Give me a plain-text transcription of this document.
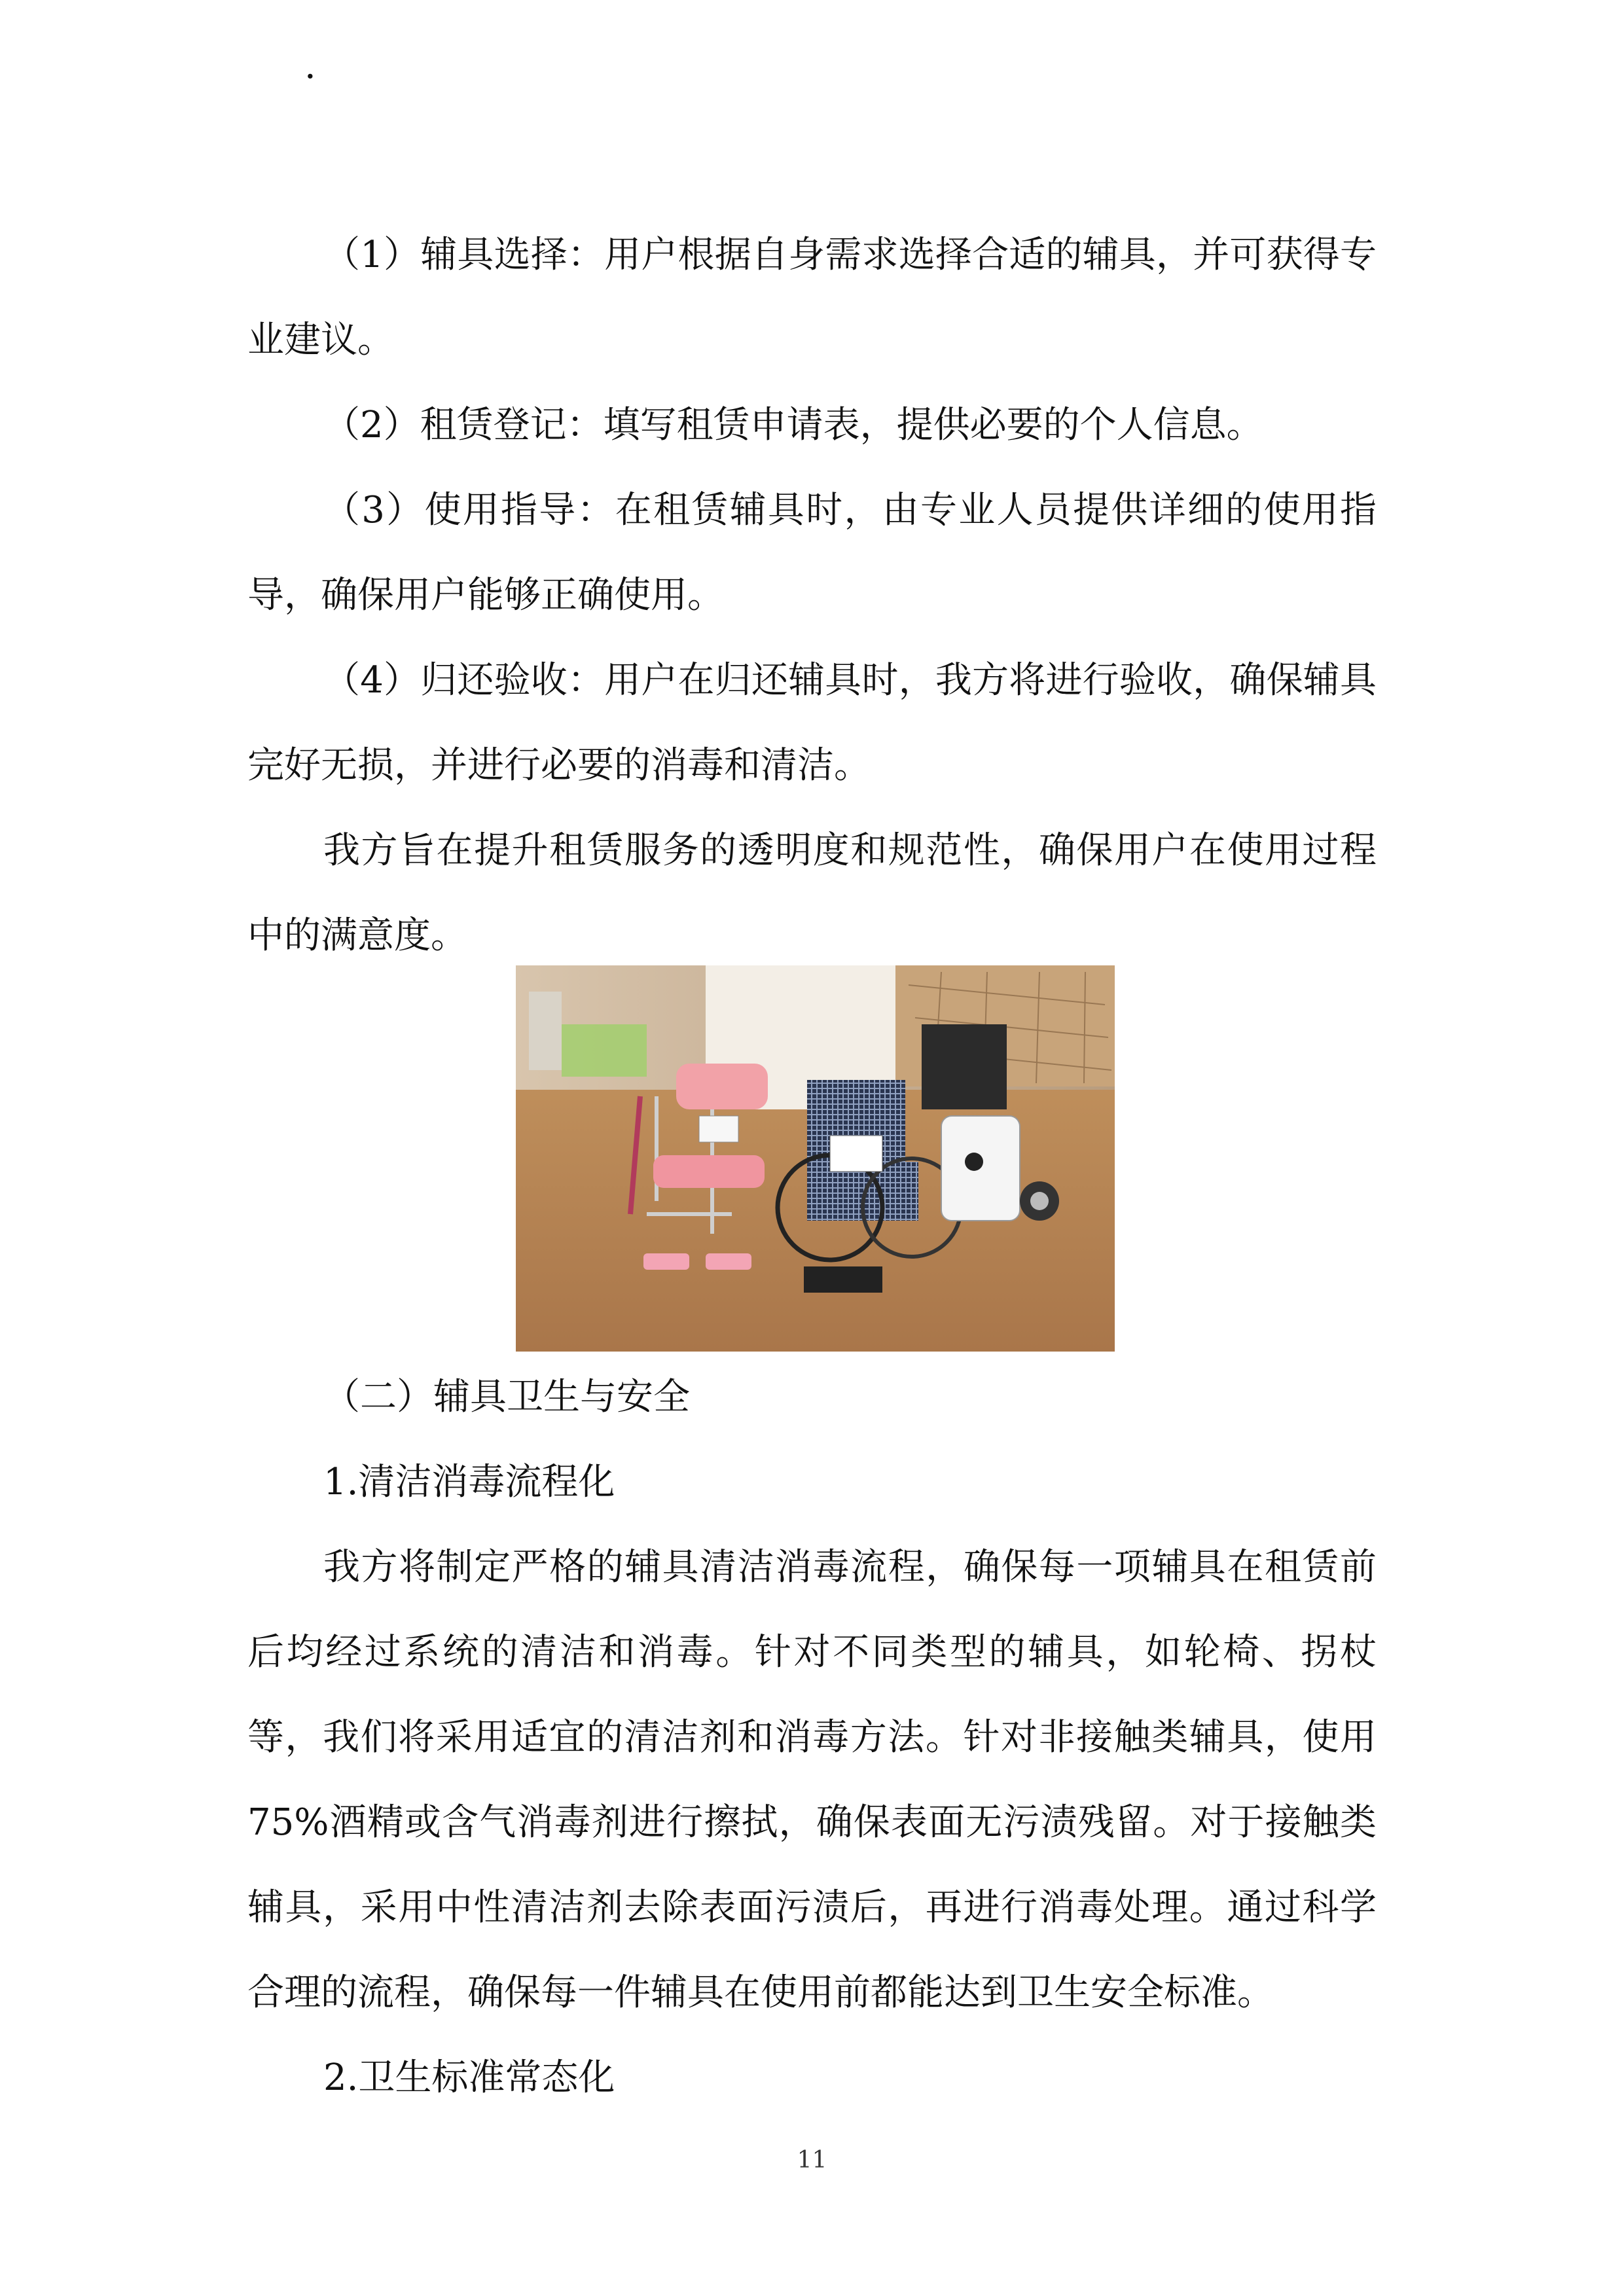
·

（1）辅具选择：用户根据自身需求选择合适的辅具，并可获得专业建议。

（2）租赁登记：填写租赁申请表，提供必要的个人信息。

（3）使用指导：在租赁辅具时，由专业人员提供详细的使用指导，确保用户能够正确使用。

（4）归还验收：用户在归还辅具时，我方将进行验收，确保辅具完好无损，并进行必要的消毒和清洁。

我方旨在提升租赁服务的透明度和规范性，确保用户在使用过程中的满意度。

（二）辅具卫生与安全

1.清洁消毒流程化

我方将制定严格的辅具清洁消毒流程，确保每一项辅具在租赁前后均经过系统的清洁和消毒。针对不同类型的辅具，如轮椅、拐杖等，我们将采用适宜的清洁剂和消毒方法。针对非接触类辅具，使用 75%酒精或含气消毒剂进行擦拭，确保表面无污渍残留。对于接触类辅具，采用中性清洁剂去除表面污渍后，再进行消毒处理。通过科学合理的流程，确保每一件辅具在使用前都能达到卫生安全标准。

2.卫生标准常态化

11
